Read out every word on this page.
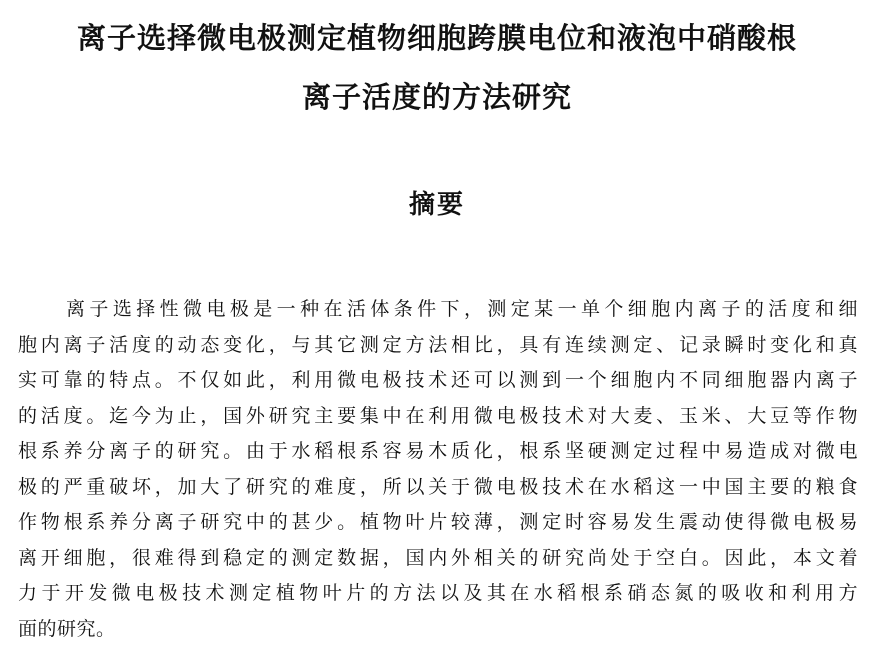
离子选择微电极测定植物细胞跨膜电位和液泡中硝酸根
离子活度的方法研究
摘要
离子选择性微电极是一种在活体条件下，测定某一单个细胞内离子的活度和细
胞内离子活度的动态变化，与其它测定方法相比，具有连续测定、记录瞬时变化和真
实可靠的特点。不仅如此，利用微电极技术还可以测到一个细胞内不同细胞器内离子
的活度。迄今为止，国外研究主要集中在利用微电极技术对大麦、玉米、大豆等作物
根系养分离子的研究。由于水稻根系容易木质化，根系坚硬测定过程中易造成对微电
极的严重破坏，加大了研究的难度，所以关于微电极技术在水稻这一中国主要的粮食
作物根系养分离子研究中的甚少。植物叶片较薄，测定时容易发生震动使得微电极易
离开细胞，很难得到稳定的测定数据，国内外相关的研究尚处于空白。因此，本文着
力于开发微电极技术测定植物叶片的方法以及其在水稻根系硝态氮的吸收和利用方
面的研究。
